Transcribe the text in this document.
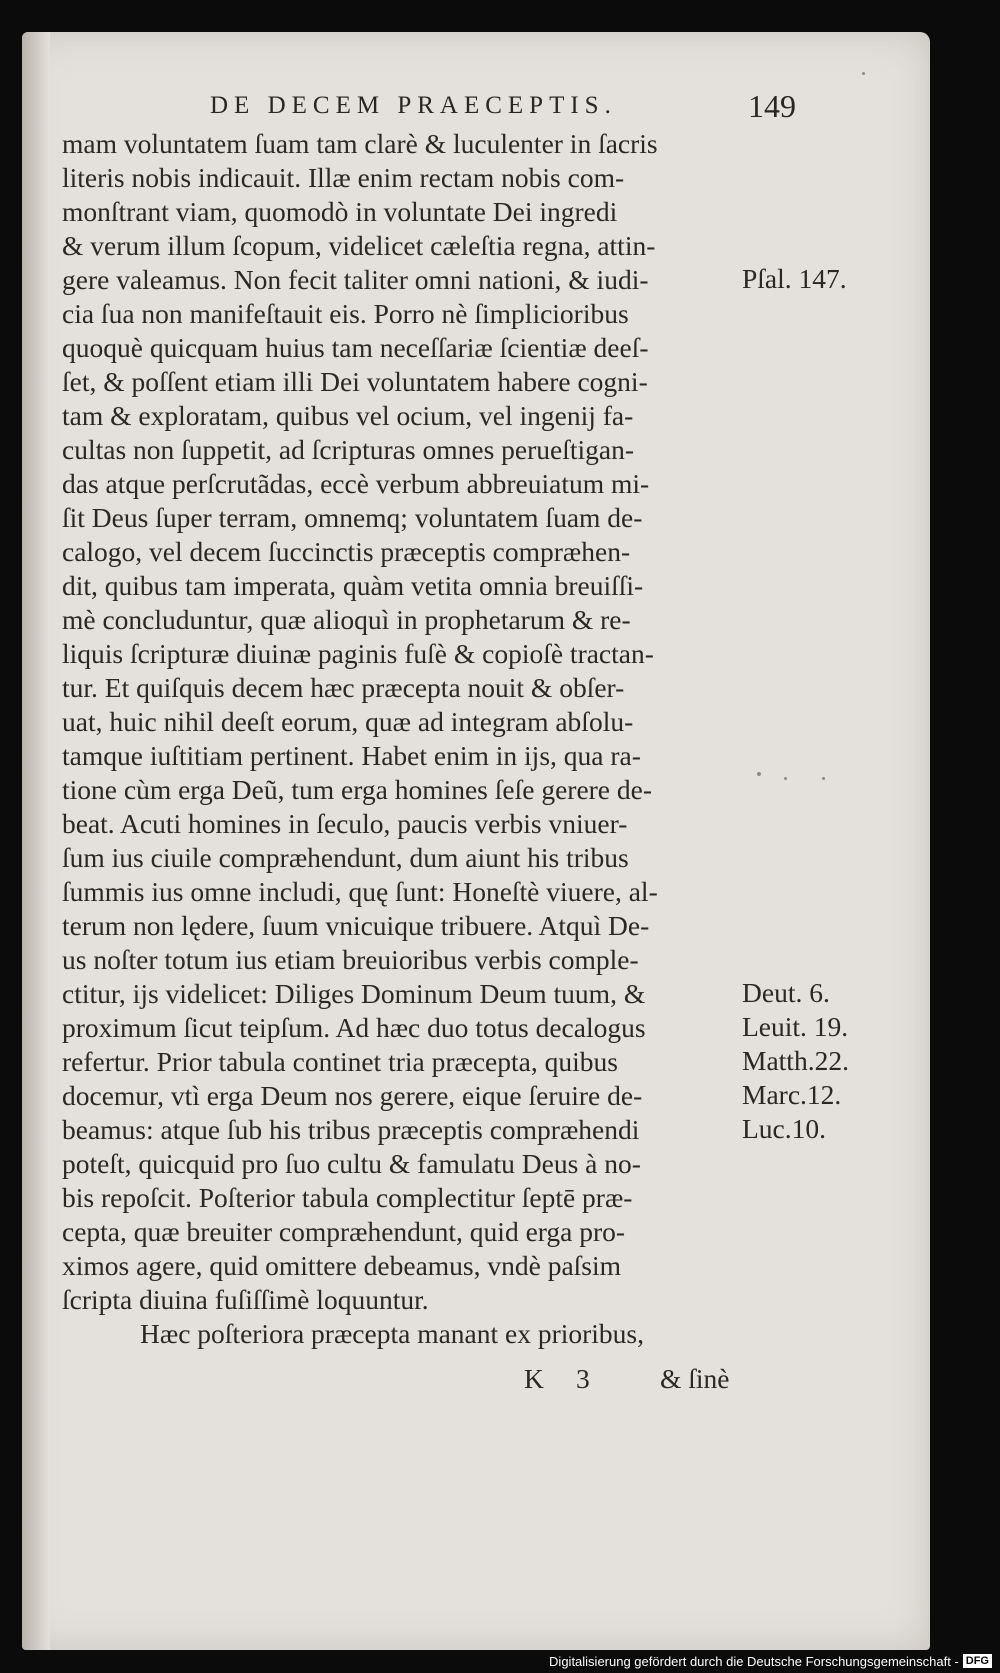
DE DECEM PRAECEPTIS.	149
mam voluntatem ſuam tam clarè & luculenter in ſacris
literis nobis indicauit. Illæ enim rectam nobis com-
monſtrant viam, quomodò in voluntate Dei ingredi
& verum illum ſcopum, videlicet cæleſtia regna, attin-
gere valeamus. Non fecit taliter omni nationi, & iudi-
cia ſua non manifeſtauit eis. Porro nè ſimplicioribus
quoquè quicquam huius tam neceſſariæ ſcientiæ deeſ-
ſet, & poſſent etiam illi Dei voluntatem habere cogni-
tam & exploratam, quibus vel ocium, vel ingenij fa-
cultas non ſuppetit, ad ſcripturas omnes perueſtigan-
das atque perſcrutãdas, eccè verbum abbreuiatum mi-
ſit Deus ſuper terram, omnemq; voluntatem ſuam de-
calogo, vel decem ſuccinctis præceptis compræhen-
dit, quibus tam imperata, quàm vetita omnia breuiſſi-
mè concluduntur, quæ alioquì in prophetarum & re-
liquis ſcripturæ diuinæ paginis fuſè & copioſè tractan-
tur. Et quiſquis decem hæc præcepta nouit & obſer-
uat, huic nihil deeſt eorum, quæ ad integram abſolu-
tamque iuſtitiam pertinent. Habet enim in ijs, qua ra-
tione cùm erga Deũ, tum erga homines ſeſe gerere de-
beat. Acuti homines in ſeculo, paucis verbis vniuer-
ſum ius ciuile compræhendunt, dum aiunt his tribus
ſummis ius omne includi, quę ſunt: Honeſtè viuere, al-
terum non lędere, ſuum vnicuique tribuere. Atquì De-
us noſter totum ius etiam breuioribus verbis comple-
ctitur, ijs videlicet: Diliges Dominum Deum tuum, &
proximum ſicut teipſum. Ad hæc duo totus decalogus
refertur. Prior tabula continet tria præcepta, quibus
docemur, vtì erga Deum nos gerere, eique ſeruire de-
beamus: atque ſub his tribus præceptis compræhendi
poteſt, quicquid pro ſuo cultu & famulatu Deus à no-
bis repoſcit. Poſterior tabula complectitur ſeptē præ-
cepta, quæ breuiter compræhendunt, quid erga pro-
ximos agere, quid omittere debeamus, vndè paſsim
ſcripta diuina fuſiſſimè loquuntur.
Hæc poſteriora præcepta manant ex prioribus,
Pſal. 147.
Deut. 6.
Leuit. 19.
Matth.22.
Marc.12.
Luc.10.
K 3	& ſinè
Digitalisierung gefördert durch die Deutsche Forschungsgemeinschaft - DFG
